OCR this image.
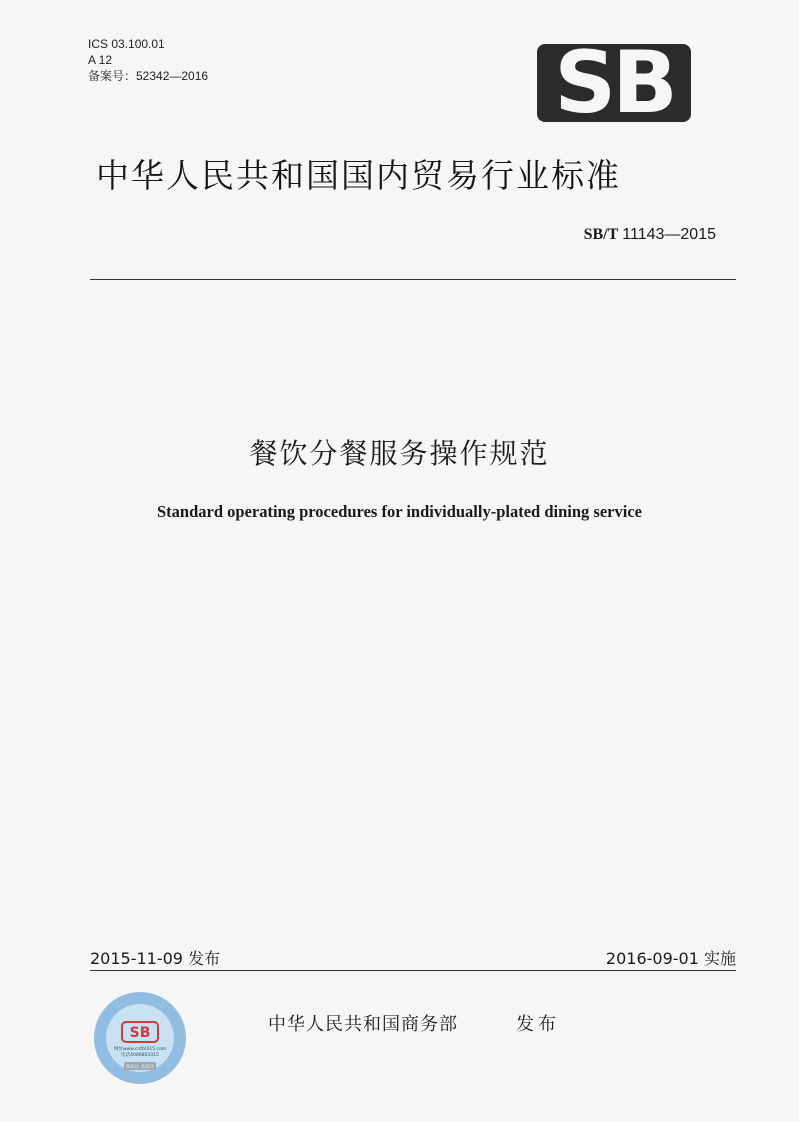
ICS 03.100.01
A 12
备案号：52342—2016	SB
中华人民共和国国内贸易行业标准
SB/T 11143—2015
餐饮分餐服务操作规范
Standard operating procedures for individually-plated dining service
2015-11-09 发布	2016-09-01 实施
SB
网址www.cnfbt315.com
电话4006803315
刮涂层 查真伪
中华人民共和国商务部	发布
